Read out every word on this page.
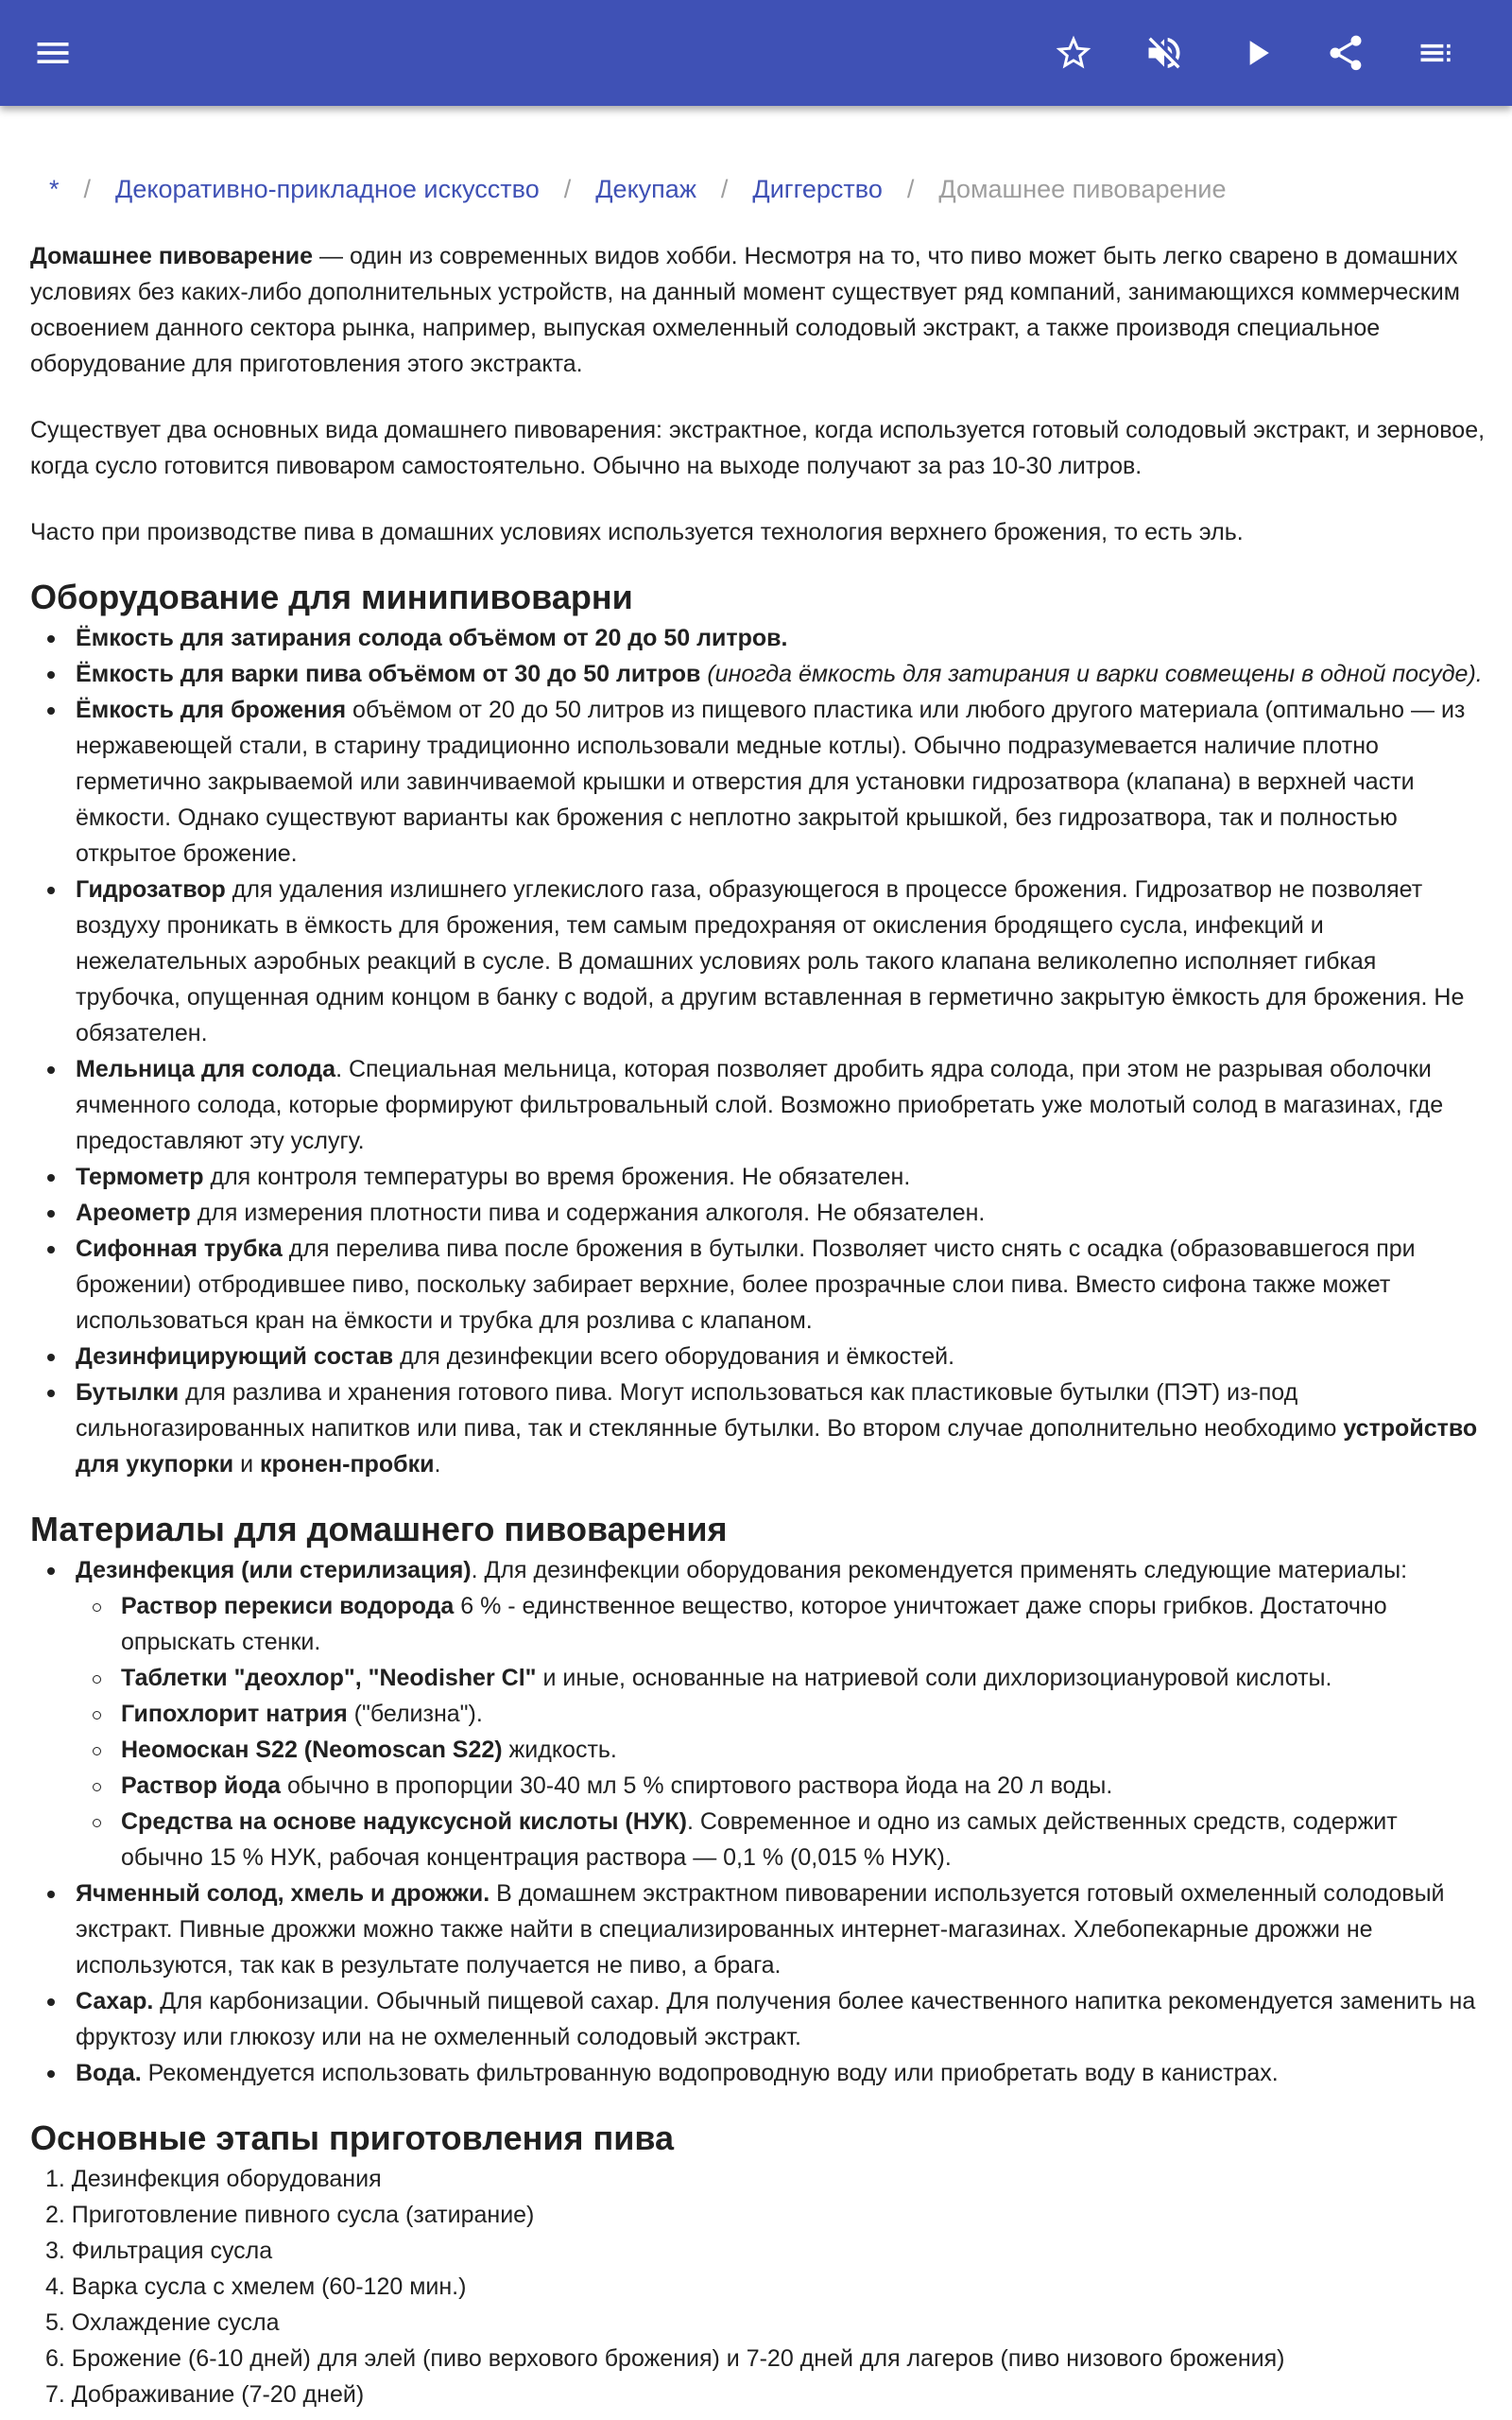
* / Декоративно-прикладное искусство / Декупаж / Диггерство / Домашнее пивоварение

Домашнее пивоварение — один из современных видов хобби. Несмотря на то, что пиво может быть легко сварено в домашних условиях без каких-либо дополнительных устройств, на данный момент существует ряд компаний, занимающихся коммерческим освоением данного сектора рынка, например, выпуская охмеленный солодовый экстракт, а также производя специальное оборудование для приготовления этого экстракта.

Существует два основных вида домашнего пивоварения: экстрактное, когда используется готовый солодовый экстракт, и зерновое, когда сусло готовится пивоваром самостоятельно. Обычно на выходе получают за раз 10-30 литров.

Часто при производстве пива в домашних условиях используется технология верхнего брожения, то есть эль.

Оборудование для минипивоварни
Ёмкость для затирания солода объёмом от 20 до 50 литров.
Ёмкость для варки пива объёмом от 30 до 50 литров (иногда ёмкость для затирания и варки совмещены в одной посуде).
Ёмкость для брожения объёмом от 20 до 50 литров из пищевого пластика или любого другого материала (оптимально — из нержавеющей стали, в старину традиционно использовали медные котлы). Обычно подразумевается наличие плотно герметично закрываемой или завинчиваемой крышки и отверстия для установки гидрозатвора (клапана) в верхней части ёмкости. Однако существуют варианты как брожения с неплотно закрытой крышкой, без гидрозатвора, так и полностью открытое брожение.
Гидрозатвор для удаления излишнего углекислого газа, образующегося в процессе брожения. Гидрозатвор не позволяет воздуху проникать в ёмкость для брожения, тем самым предохраняя от окисления бродящего сусла, инфекций и нежелательных аэробных реакций в сусле. В домашних условиях роль такого клапана великолепно исполняет гибкая трубочка, опущенная одним концом в банку с водой, а другим вставленная в герметично закрытую ёмкость для брожения. Не обязателен.
Мельница для солода. Специальная мельница, которая позволяет дробить ядра солода, при этом не разрывая оболочки ячменного солода, которые формируют фильтровальный слой. Возможно приобретать уже молотый солод в магазинах, где предоставляют эту услугу.
Термометр для контроля температуры во время брожения. Не обязателен.
Ареометр для измерения плотности пива и содержания алкоголя. Не обязателен.
Сифонная трубка для перелива пива после брожения в бутылки. Позволяет чисто снять с осадка (образовавшегося при брожении) отбродившее пиво, поскольку забирает верхние, более прозрачные слои пива. Вместо сифона также может использоваться кран на ёмкости и трубка для розлива с клапаном.
Дезинфицирующий состав для дезинфекции всего оборудования и ёмкостей.
Бутылки для разлива и хранения готового пива. Могут использоваться как пластиковые бутылки (ПЭТ) из-под сильногазированных напитков или пива, так и стеклянные бутылки. Во втором случае дополнительно необходимо устройство для укупорки и кронен-пробки.
Материалы для домашнего пивоварения
Дезинфекция (или стерилизация). Для дезинфекции оборудования рекомендуется применять следующие материалы:
Раствор перекиси водорода 6 % - единственное вещество, которое уничтожает даже споры грибков. Достаточно опрыскать стенки.
Таблетки "деохлор", "Neodisher Cl" и иные, основанные на натриевой соли дихлоризоциануровой кислоты.
Гипохлорит натрия ("белизна").
Неомоскан S22 (Neomoscan S22) жидкость.
Раствор йода обычно в пропорции 30-40 мл 5 % спиртового раствора йода на 20 л воды.
Средства на основе надуксусной кислоты (НУК). Современное и одно из самых действенных средств, содержит обычно 15 % НУК, рабочая концентрация раствора — 0,1 % (0,015 % НУК).
Ячменный солод, хмель и дрожжи. В домашнем экстрактном пивоварении используется готовый охмеленный солодовый экстракт. Пивные дрожжи можно также найти в специализированных интернет-магазинах. Хлебопекарные дрожжи не используются, так как в результате получается не пиво, а брага.
Сахар. Для карбонизации. Обычный пищевой сахар. Для получения более качественного напитка рекомендуется заменить на фруктозу или глюкозу или на не охмеленный солодовый экстракт.
Вода. Рекомендуется использовать фильтрованную водопроводную воду или приобретать воду в канистрах.
Основные этапы приготовления пива
1. Дезинфекция оборудования
2. Приготовление пивного сусла (затирание)
3. Фильтрация сусла
4. Варка сусла с хмелем (60-120 мин.)
5. Охлаждение сусла
6. Брожение (6-10 дней) для элей (пиво верхового брожения) и 7-20 дней для лагеров (пиво низового брожения)
7. Дображивание (7-20 дней)
